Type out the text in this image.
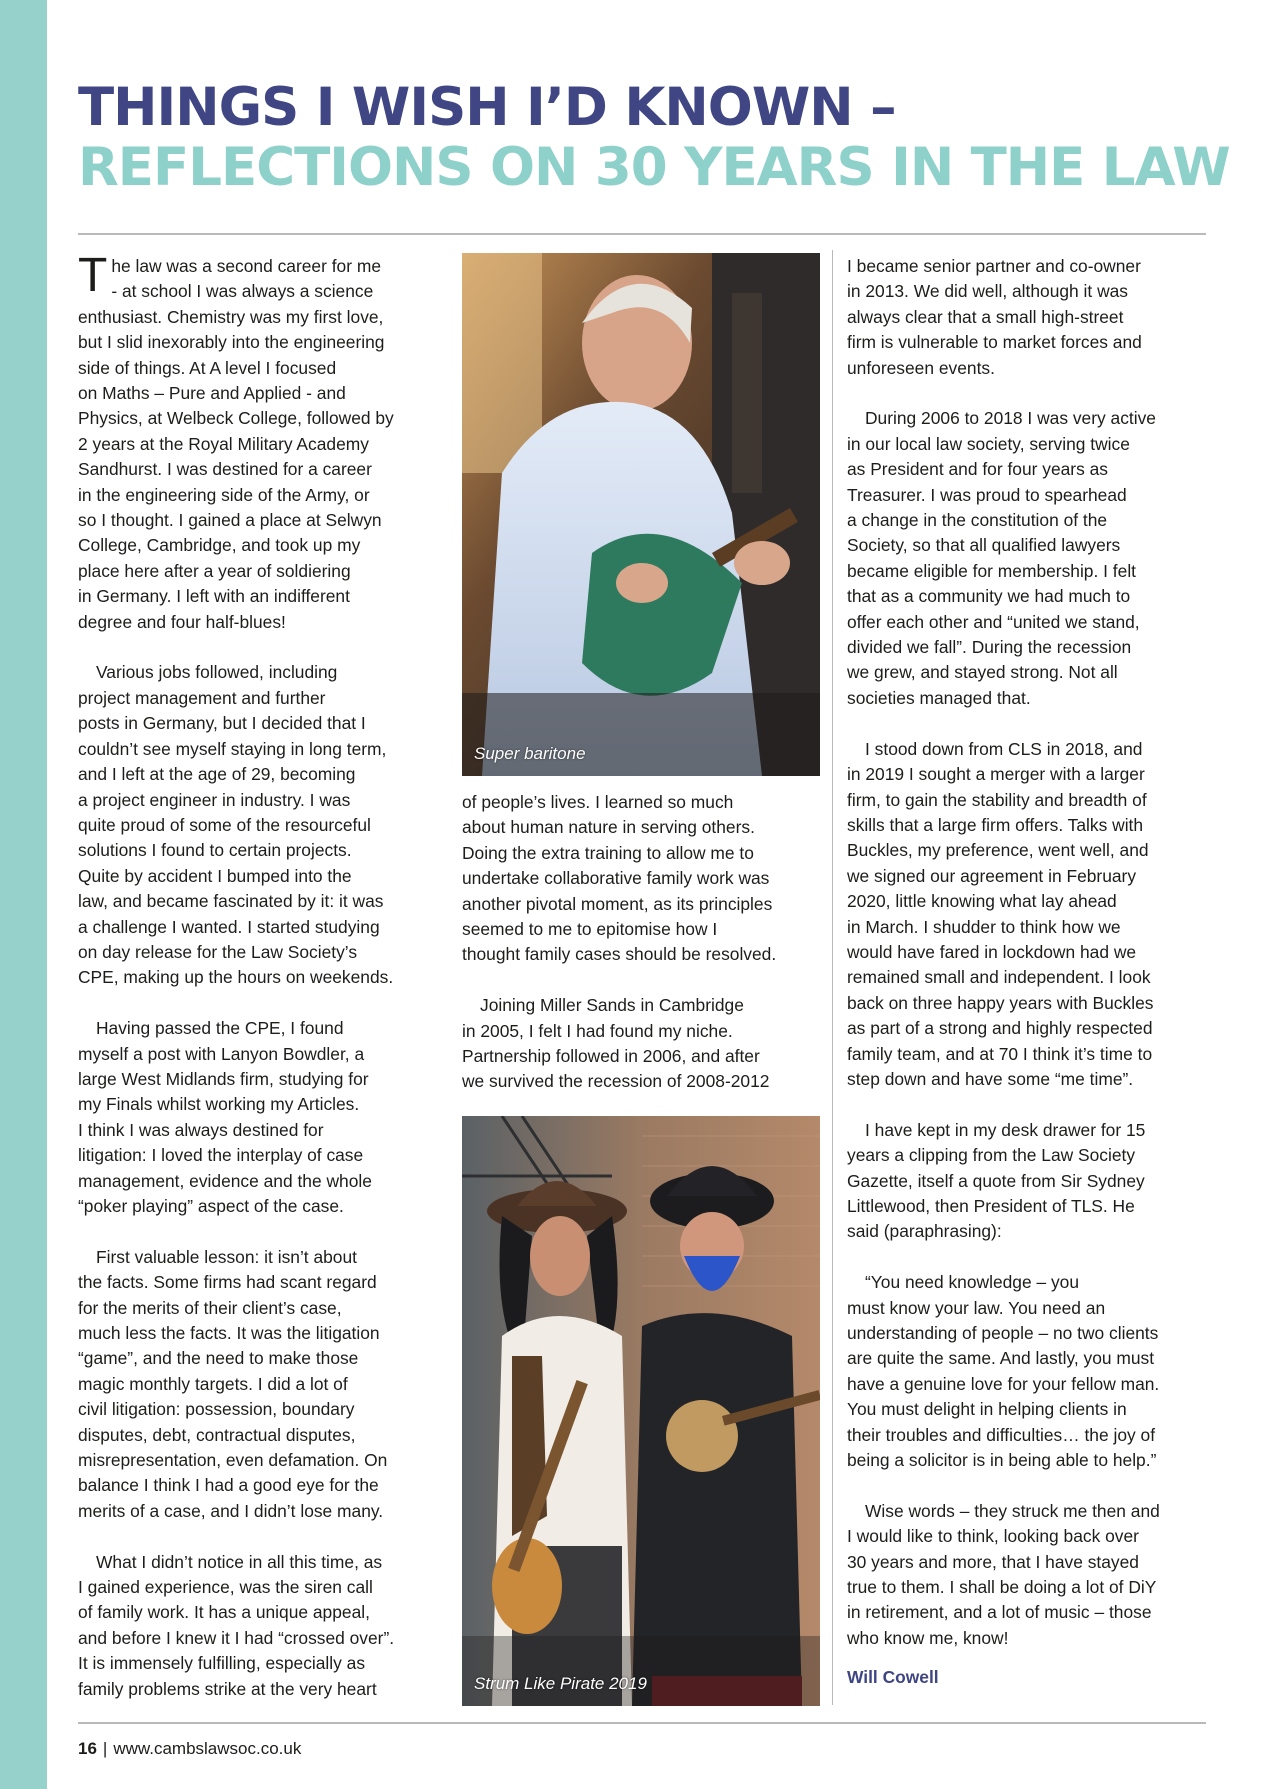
THINGS I WISH I’D KNOWN –
REFLECTIONS ON 30 YEARS IN THE LAW

The law was a second career for me
- at school I was always a science
enthusiast. Chemistry was my first love,
but I slid inexorably into the engineering
side of things. At A level I focused
on Maths – Pure and Applied - and
Physics, at Welbeck College, followed by
2 years at the Royal Military Academy
Sandhurst. I was destined for a career
in the engineering side of the Army, or
so I thought. I gained a place at Selwyn
College, Cambridge, and took up my
place here after a year of soldiering
in Germany. I left with an indifferent
degree and four half-blues!

Various jobs followed, including
project management and further
posts in Germany, but I decided that I
couldn’t see myself staying in long term,
and I left at the age of 29, becoming
a project engineer in industry. I was
quite proud of some of the resourceful
solutions I found to certain projects.
Quite by accident I bumped into the
law, and became fascinated by it: it was
a challenge I wanted. I started studying
on day release for the Law Society’s
CPE, making up the hours on weekends.

Having passed the CPE, I found
myself a post with Lanyon Bowdler, a
large West Midlands firm, studying for
my Finals whilst working my Articles.
I think I was always destined for
litigation: I loved the interplay of case
management, evidence and the whole
“poker playing” aspect of the case.

First valuable lesson: it isn’t about
the facts. Some firms had scant regard
for the merits of their client’s case,
much less the facts. It was the litigation
“game”, and the need to make those
magic monthly targets. I did a lot of
civil litigation: possession, boundary
disputes, debt, contractual disputes,
misrepresentation, even defamation. On
balance I think I had a good eye for the
merits of a case, and I didn’t lose many.

What I didn’t notice in all this time, as
I gained experience, was the siren call
of family work. It has a unique appeal,
and before I knew it I had “crossed over”.
It is immensely fulfilling, especially as
family problems strike at the very heart

Super baritone

of people’s lives. I learned so much
about human nature in serving others.
Doing the extra training to allow me to
undertake collaborative family work was
another pivotal moment, as its principles
seemed to me to epitomise how I
thought family cases should be resolved.

Joining Miller Sands in Cambridge
in 2005, I felt I had found my niche.
Partnership followed in 2006, and after
we survived the recession of 2008-2012

Strum Like Pirate 2019

I became senior partner and co-owner
in 2013. We did well, although it was
always clear that a small high-street
firm is vulnerable to market forces and
unforeseen events.

During 2006 to 2018 I was very active
in our local law society, serving twice
as President and for four years as
Treasurer. I was proud to spearhead
a change in the constitution of the
Society, so that all qualified lawyers
became eligible for membership. I felt
that as a community we had much to
offer each other and “united we stand,
divided we fall”. During the recession
we grew, and stayed strong. Not all
societies managed that.

I stood down from CLS in 2018, and
in 2019 I sought a merger with a larger
firm, to gain the stability and breadth of
skills that a large firm offers. Talks with
Buckles, my preference, went well, and
we signed our agreement in February
2020, little knowing what lay ahead
in March. I shudder to think how we
would have fared in lockdown had we
remained small and independent. I look
back on three happy years with Buckles
as part of a strong and highly respected
family team, and at 70 I think it’s time to
step down and have some “me time”.

I have kept in my desk drawer for 15
years a clipping from the Law Society
Gazette, itself a quote from Sir Sydney
Littlewood, then President of TLS. He
said (paraphrasing):

“You need knowledge – you
must know your law. You need an
understanding of people – no two clients
are quite the same. And lastly, you must
have a genuine love for your fellow man.
You must delight in helping clients in
their troubles and difficulties… the joy of
being a solicitor is in being able to help.”

Wise words – they struck me then and
I would like to think, looking back over
30 years and more, that I have stayed
true to them. I shall be doing a lot of DiY
in retirement, and a lot of music – those
who know me, know!

Will Cowell
16 | www.cambslawsoc.co.uk
